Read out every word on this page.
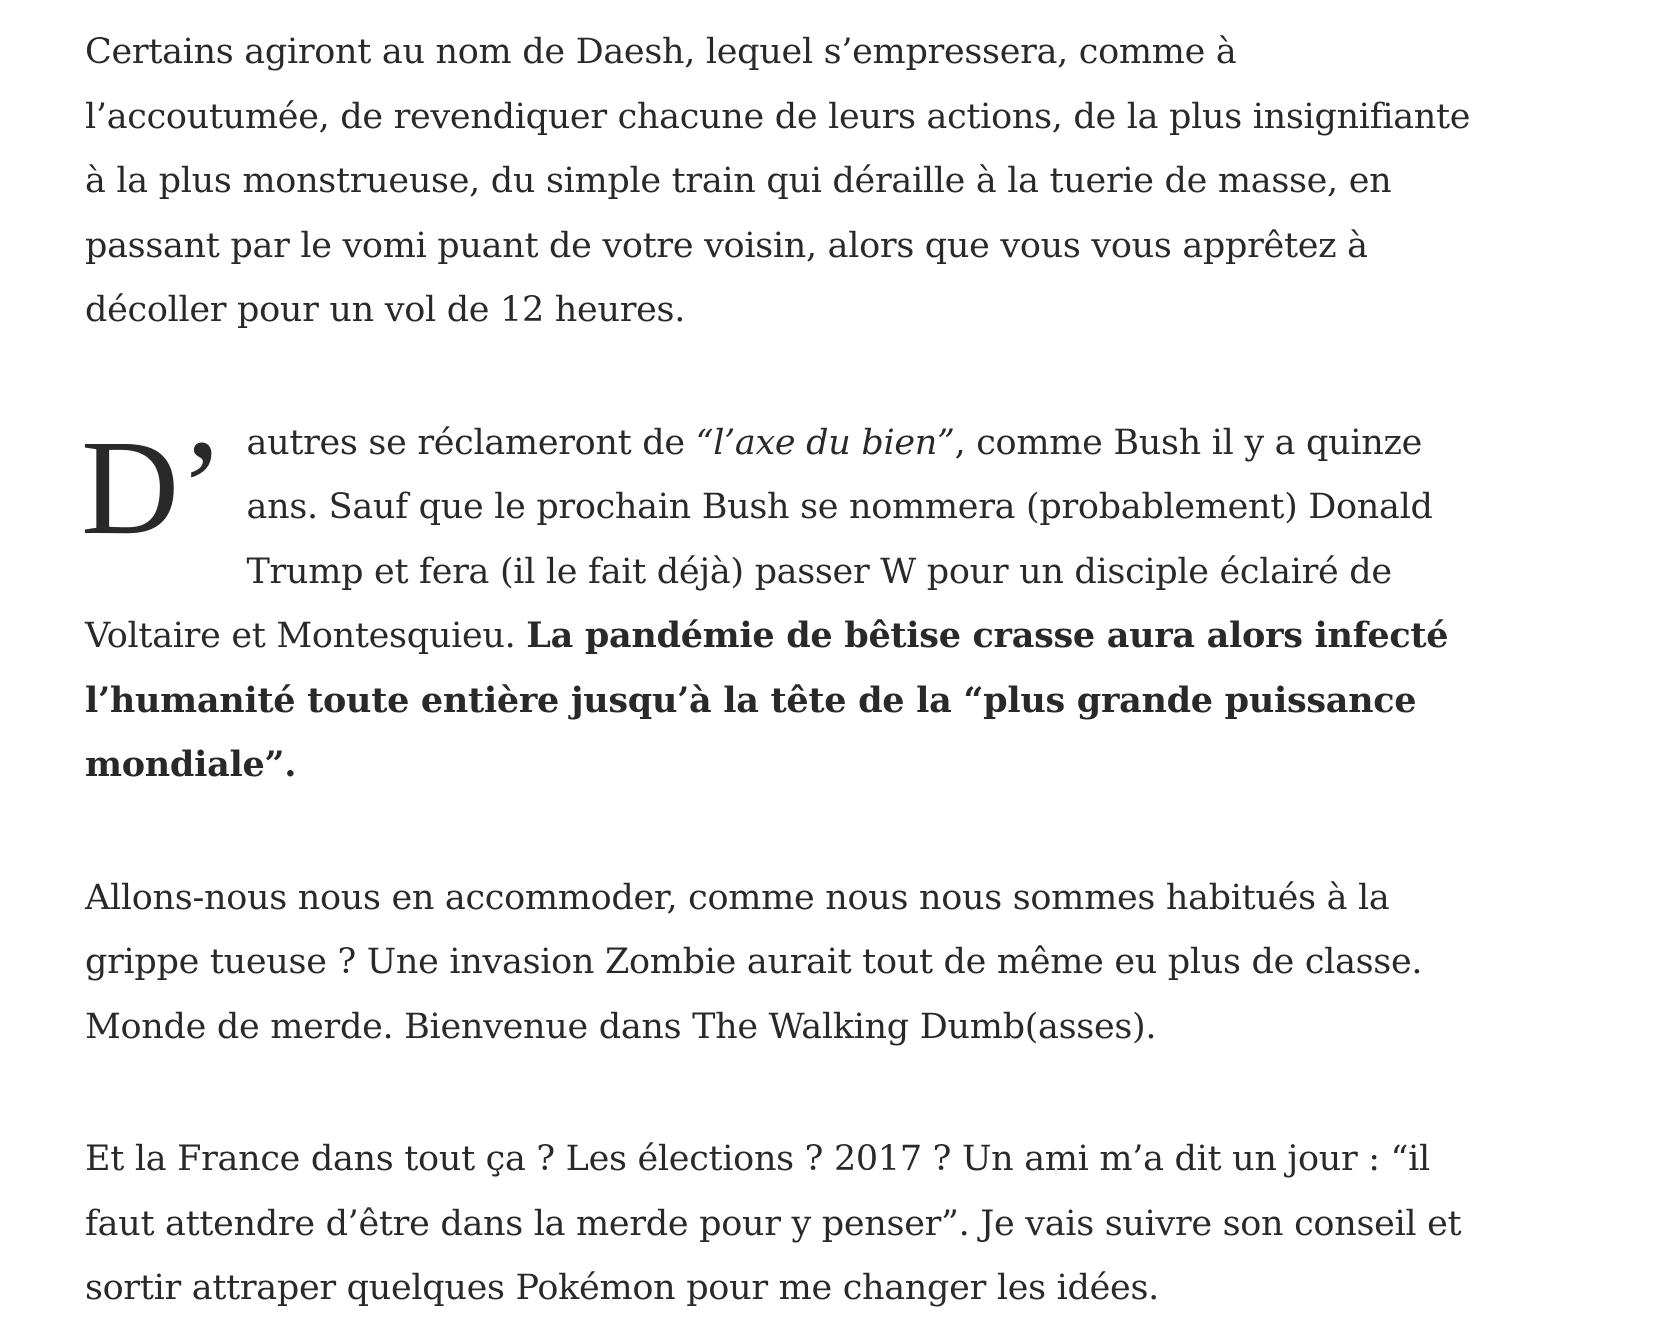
Certains agiront au nom de Daesh, lequel s’empressera, comme à l’accoutumée, de revendiquer chacune de leurs actions, de la plus insignifiante à la plus monstrueuse, du simple train qui déraille à la tuerie de masse, en passant par le vomi puant de votre voisin, alors que vous vous apprêtez à décoller pour un vol de 12 heures.

D’ autres se réclameront de “l’axe du bien”, comme Bush il y a quinze ans. Sauf que le prochain Bush se nommera (probablement) Donald Trump et fera (il le fait déjà) passer W pour un disciple éclairé de Voltaire et Montesquieu. La pandémie de bêtise crasse aura alors infecté l’humanité toute entière jusqu’à la tête de la “plus grande puissance mondiale”.

Allons-nous nous en accommoder, comme nous nous sommes habitués à la grippe tueuse ? Une invasion Zombie aurait tout de même eu plus de classe. Monde de merde. Bienvenue dans The Walking Dumb(asses).

Et la France dans tout ça ? Les élections ? 2017 ? Un ami m’a dit un jour : “il faut attendre d’être dans la merde pour y penser”. Je vais suivre son conseil et sortir attraper quelques Pokémon pour me changer les idées.
